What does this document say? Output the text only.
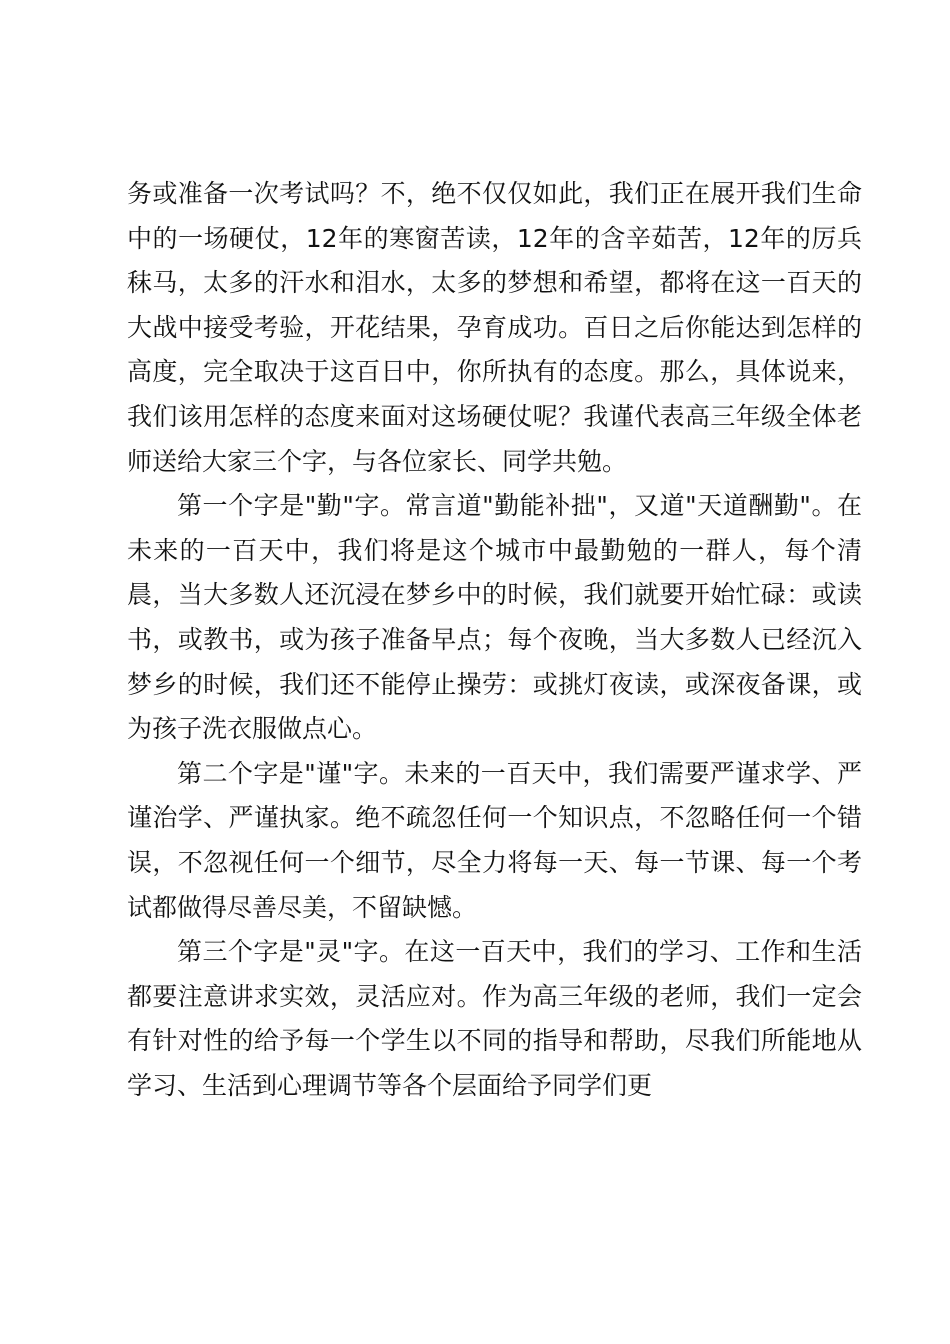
务或准备一次考试吗？不，绝不仅仅如此，我们正在展开我们生命中的一场硬仗，12年的寒窗苦读，12年的含辛茹苦，12年的厉兵秣马，太多的汗水和泪水，太多的梦想和希望，都将在这一百天的大战中接受考验，开花结果，孕育成功。百日之后你能达到怎样的高度，完全取决于这百日中，你所执有的态度。那么，具体说来，我们该用怎样的态度来面对这场硬仗呢？我谨代表高三年级全体老师送给大家三个字，与各位家长、同学共勉。

第一个字是"勤"字。常言道"勤能补拙"，又道"天道酬勤"。在未来的一百天中，我们将是这个城市中最勤勉的一群人，每个清晨，当大多数人还沉浸在梦乡中的时候，我们就要开始忙碌：或读书，或教书，或为孩子准备早点；每个夜晚，当大多数人已经沉入梦乡的时候，我们还不能停止操劳：或挑灯夜读，或深夜备课，或为孩子洗衣服做点心。

第二个字是"谨"字。未来的一百天中，我们需要严谨求学、严谨治学、严谨执家。绝不疏忽任何一个知识点，不忽略任何一个错误，不忽视任何一个细节，尽全力将每一天、每一节课、每一个考试都做得尽善尽美，不留缺憾。

第三个字是"灵"字。在这一百天中，我们的学习、工作和生活都要注意讲求实效，灵活应对。作为高三年级的老师，我们一定会有针对性的给予每一个学生以不同的指导和帮助，尽我们所能地从学习、生活到心理调节等各个层面给予同学们更
